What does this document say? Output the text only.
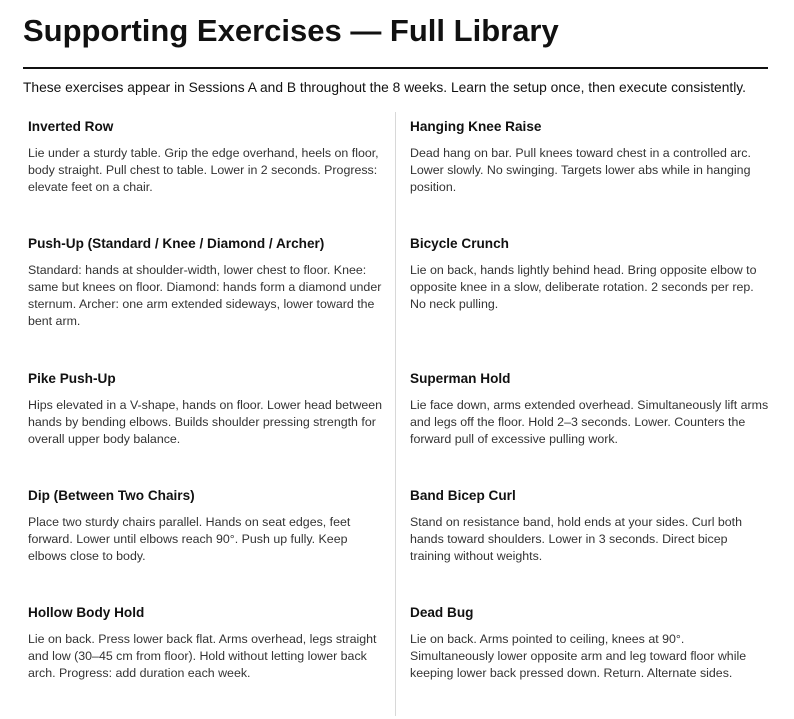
Supporting Exercises — Full Library

These exercises appear in Sessions A and B throughout the 8 weeks. Learn the setup once, then execute consistently.

Inverted Row

Lie under a sturdy table. Grip the edge overhand, heels on floor, body straight. Pull chest to table. Lower in 2 seconds. Progress: elevate feet on a chair.

Push-Up (Standard / Knee / Diamond / Archer)

Standard: hands at shoulder-width, lower chest to floor. Knee: same but knees on floor. Diamond: hands form a diamond under sternum. Archer: one arm extended sideways, lower toward the bent arm.

Pike Push-Up

Hips elevated in a V-shape, hands on floor. Lower head between hands by bending elbows. Builds shoulder pressing strength for overall upper body balance.

Dip (Between Two Chairs)

Place two sturdy chairs parallel. Hands on seat edges, feet forward. Lower until elbows reach 90°. Push up fully. Keep elbows close to body.

Hollow Body Hold

Lie on back. Press lower back flat. Arms overhead, legs straight and low (30–45 cm from floor). Hold without letting lower back arch. Progress: add duration each week.

Hanging Knee Raise

Dead hang on bar. Pull knees toward chest in a controlled arc. Lower slowly. No swinging. Targets lower abs while in hanging position.

Bicycle Crunch

Lie on back, hands lightly behind head. Bring opposite elbow to opposite knee in a slow, deliberate rotation. 2 seconds per rep. No neck pulling.

Superman Hold

Lie face down, arms extended overhead. Simultaneously lift arms and legs off the floor. Hold 2–3 seconds. Lower. Counters the forward pull of excessive pulling work.

Band Bicep Curl

Stand on resistance band, hold ends at your sides. Curl both hands toward shoulders. Lower in 3 seconds. Direct bicep training without weights.

Dead Bug

Lie on back. Arms pointed to ceiling, knees at 90°. Simultaneously lower opposite arm and leg toward floor while keeping lower back pressed down. Return. Alternate sides.
